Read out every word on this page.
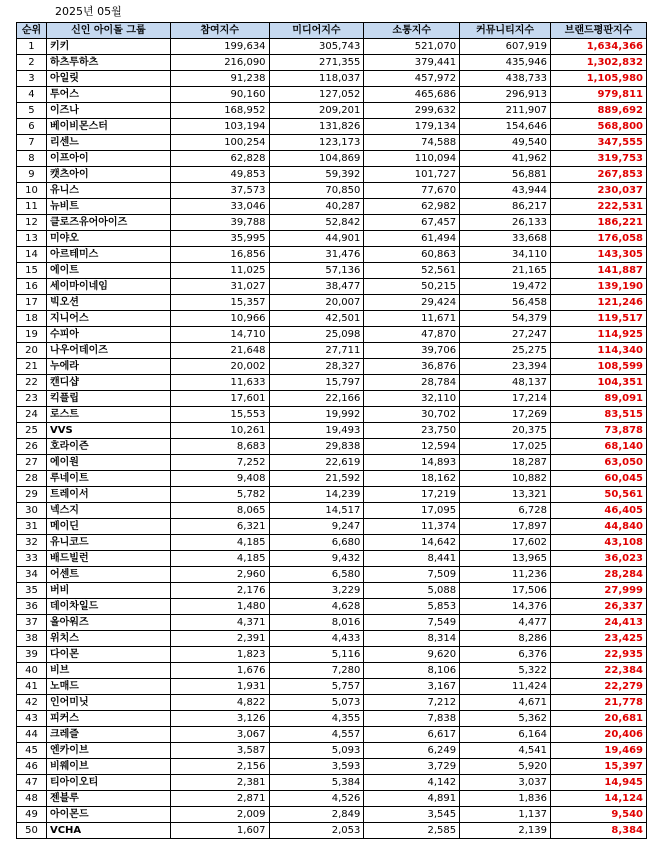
2025년 05월
순위	신인 아이돌 그룹	참여지수	미디어지수	소통지수	커뮤니티지수	브랜드평판지수
1	키키	199,634	305,743	521,070	607,919	1,634,366
2	하츠투하츠	216,090	271,355	379,441	435,946	1,302,832
3	아일릿	91,238	118,037	457,972	438,733	1,105,980
4	투어스	90,160	127,052	465,686	296,913	979,811
5	이즈나	168,952	209,201	299,632	211,907	889,692
6	베이비몬스터	103,194	131,826	179,134	154,646	568,800
7	리센느	100,254	123,173	74,588	49,540	347,555
8	이프아이	62,828	104,869	110,094	41,962	319,753
9	캣츠아이	49,853	59,392	101,727	56,881	267,853
10	유니스	37,573	70,850	77,670	43,944	230,037
11	뉴비트	33,046	40,287	62,982	86,217	222,531
12	클로즈유어아이즈	39,788	52,842	67,457	26,133	186,221
13	미야오	35,995	44,901	61,494	33,668	176,058
14	아르테미스	16,856	31,476	60,863	34,110	143,305
15	에이트	11,025	57,136	52,561	21,165	141,887
16	세이마이네임	31,027	38,477	50,215	19,472	139,190
17	빅오션	15,357	20,007	29,424	56,458	121,246
18	지니어스	10,966	42,501	11,671	54,379	119,517
19	수피아	14,710	25,098	47,870	27,247	114,925
20	나우어데이즈	21,648	27,711	39,706	25,275	114,340
21	누에라	20,002	28,327	36,876	23,394	108,599
22	캔디샵	11,633	15,797	28,784	48,137	104,351
23	킥플립	17,601	22,166	32,110	17,214	89,091
24	로스트	15,553	19,992	30,702	17,269	83,515
25	VVS	10,261	19,493	23,750	20,375	73,878
26	호라이즌	8,683	29,838	12,594	17,025	68,140
27	에이원	7,252	22,619	14,893	18,287	63,050
28	루네이트	9,408	21,592	18,162	10,882	60,045
29	트레이서	5,782	14,239	17,219	13,321	50,561
30	넥스지	8,065	14,517	17,095	6,728	46,405
31	메이딘	6,321	9,247	11,374	17,897	44,840
32	유니코드	4,185	6,680	14,642	17,602	43,108
33	배드빌런	4,185	9,432	8,441	13,965	36,023
34	어센트	2,960	6,580	7,509	11,236	28,284
35	버비	2,176	3,229	5,088	17,506	27,999
36	데이차일드	1,480	4,628	5,853	14,376	26,337
37	올아워즈	4,371	8,016	7,549	4,477	24,413
38	위치스	2,391	4,433	8,314	8,286	23,425
39	다이몬	1,823	5,116	9,620	6,376	22,935
40	비브	1,676	7,280	8,106	5,322	22,384
41	노매드	1,931	5,757	3,167	11,424	22,279
42	인어미닛	4,822	5,073	7,212	4,671	21,778
43	피커스	3,126	4,355	7,838	5,362	20,681
44	크레즐	3,067	4,557	6,617	6,164	20,406
45	엔카이브	3,587	5,093	6,249	4,541	19,469
46	비웨이브	2,156	3,593	3,729	5,920	15,397
47	티아이오티	2,381	5,384	4,142	3,037	14,945
48	젠블루	2,871	4,526	4,891	1,836	14,124
49	아이몬드	2,009	2,849	3,545	1,137	9,540
50	VCHA	1,607	2,053	2,585	2,139	8,384
